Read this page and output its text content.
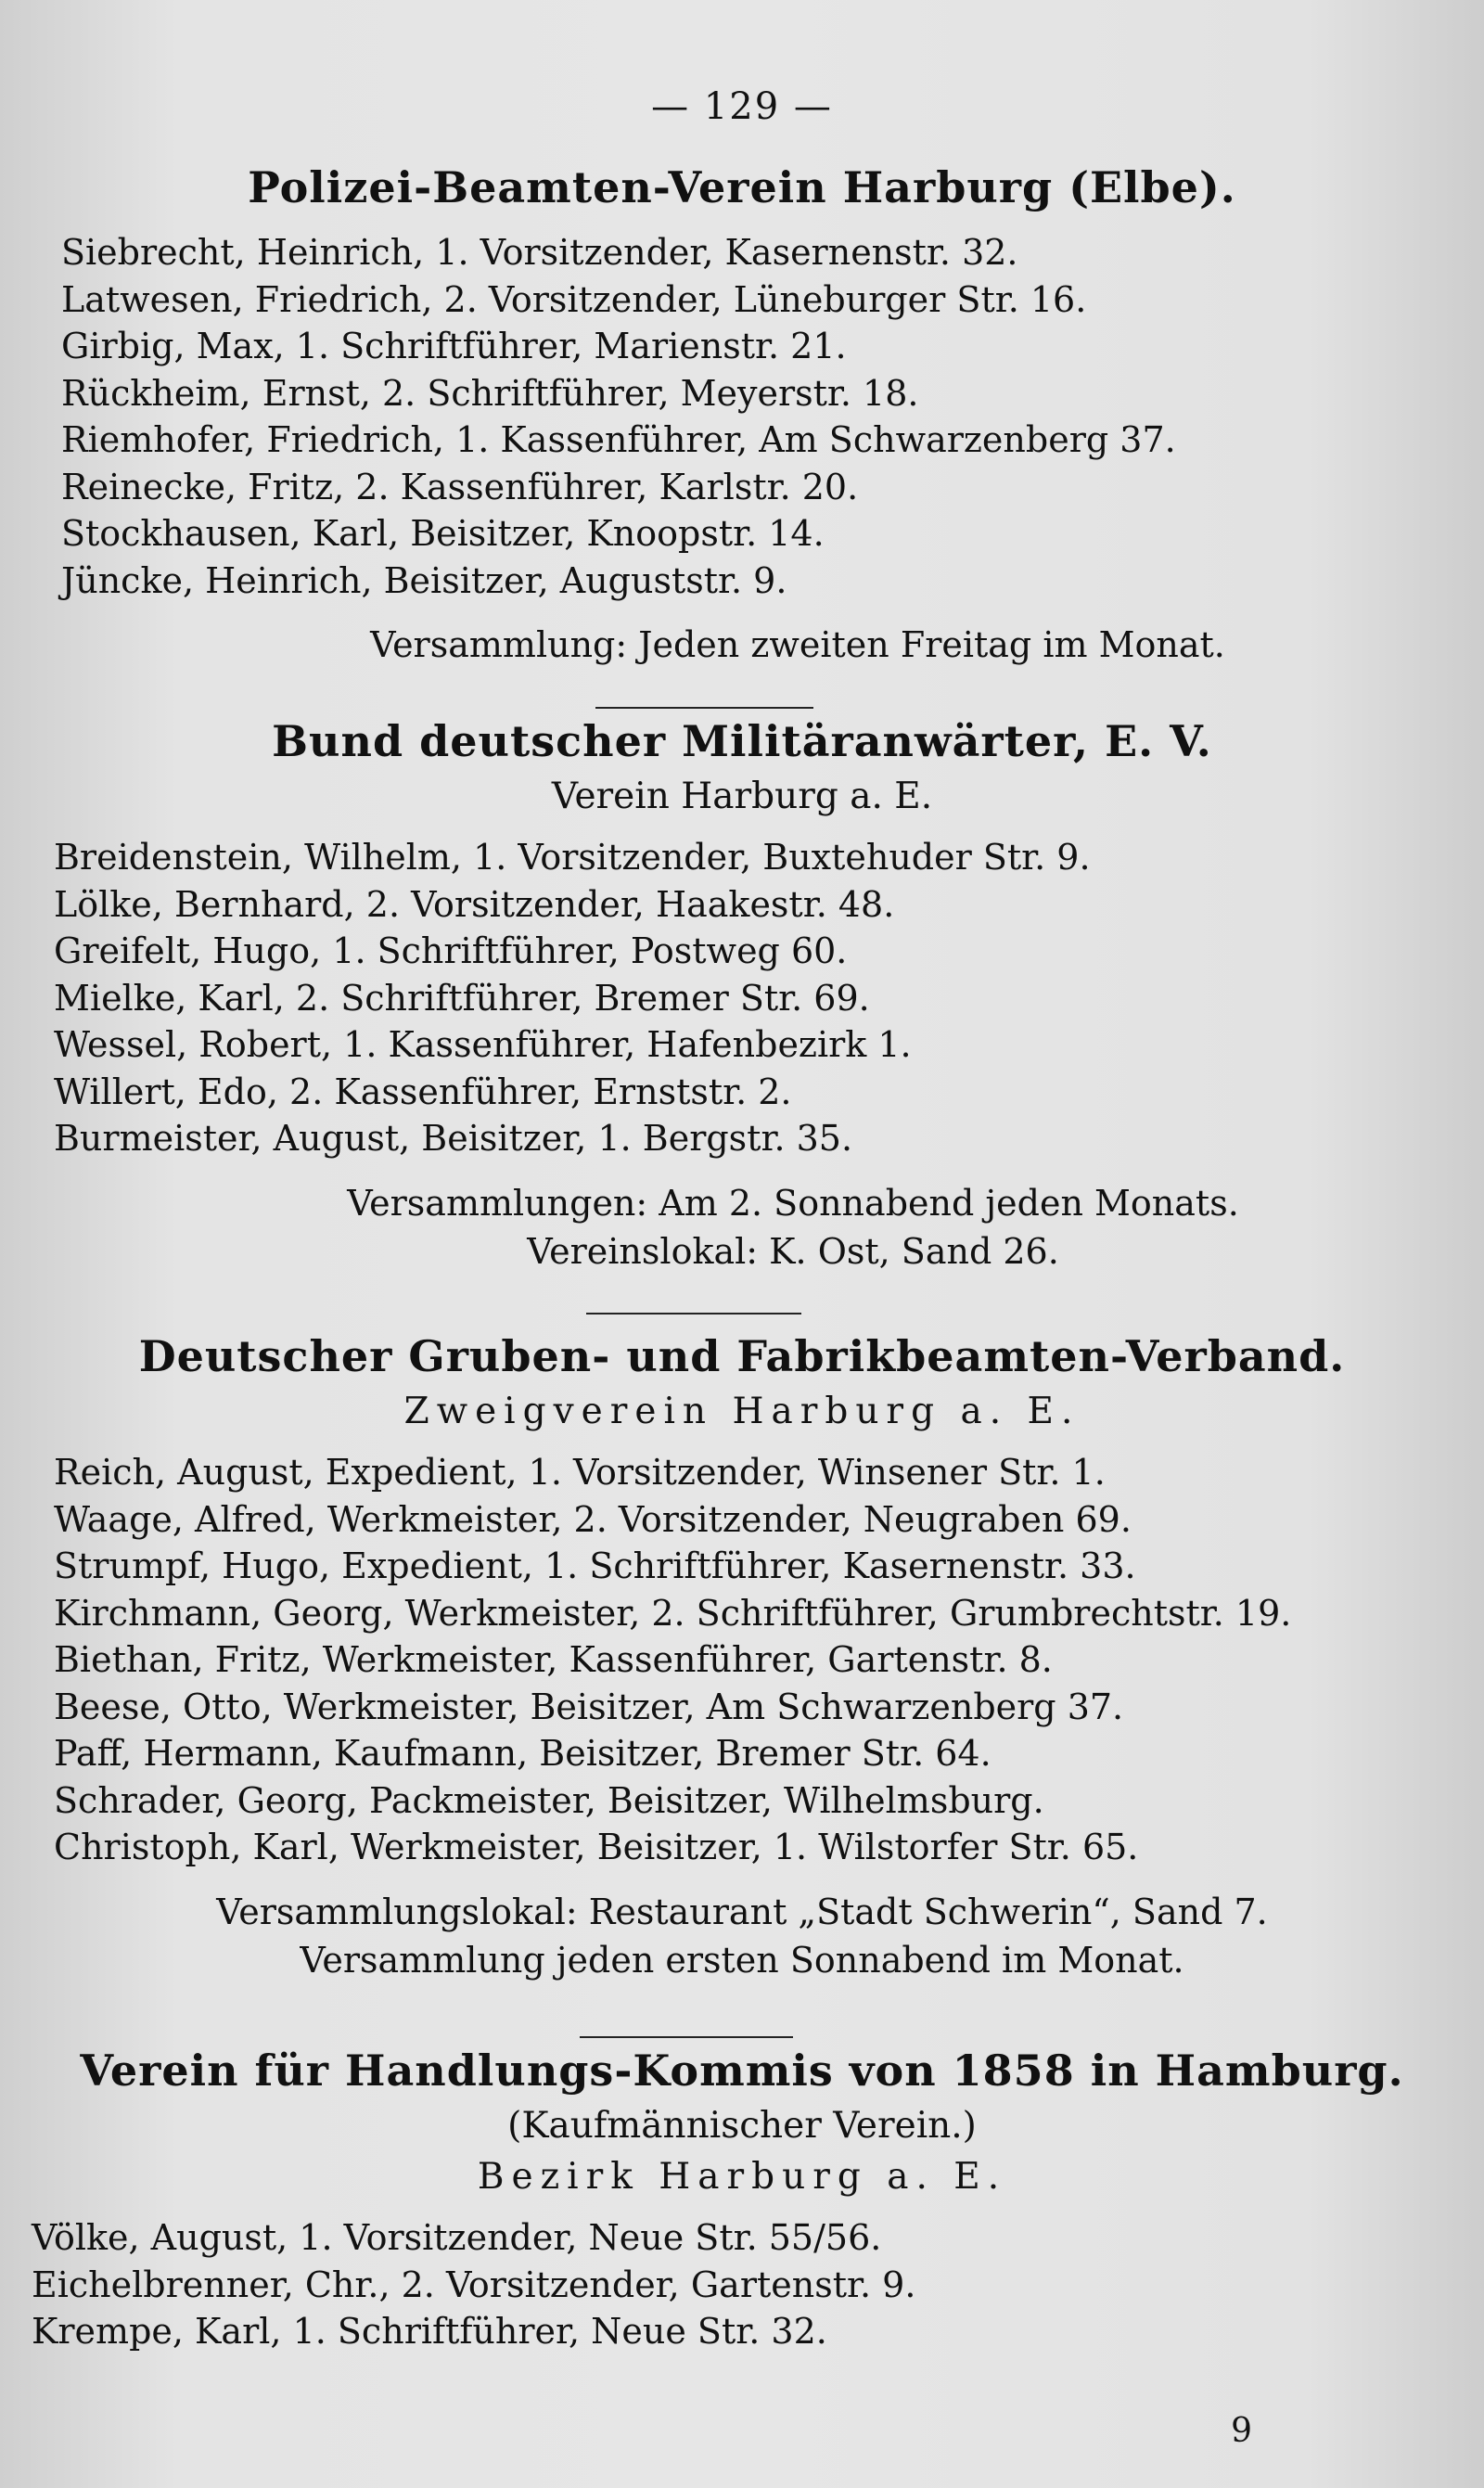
— 129 —
Polizei-Beamten-Verein Harburg (Elbe).
Siebrecht, Heinrich, 1. Vorsitzender, Kasernenstr. 32.
Latwesen, Friedrich, 2. Vorsitzender, Lüneburger Str. 16.
Girbig, Max, 1. Schriftführer, Marienstr. 21.
Rückheim, Ernst, 2. Schriftführer, Meyerstr. 18.
Riemhofer, Friedrich, 1. Kassenführer, Am Schwarzenberg 37.
Reinecke, Fritz, 2. Kassenführer, Karlstr. 20.
Stockhausen, Karl, Beisitzer, Knoopstr. 14.
Jüncke, Heinrich, Beisitzer, Auguststr. 9.
Versammlung: Jeden zweiten Freitag im Monat.
Bund deutscher Militäranwärter, E. V.
Verein Harburg a. E.
Breidenstein, Wilhelm, 1. Vorsitzender, Buxtehuder Str. 9.
Lölke, Bernhard, 2. Vorsitzender, Haakestr. 48.
Greifelt, Hugo, 1. Schriftführer, Postweg 60.
Mielke, Karl, 2. Schriftführer, Bremer Str. 69.
Wessel, Robert, 1. Kassenführer, Hafenbezirk 1.
Willert, Edo, 2. Kassenführer, Ernststr. 2.
Burmeister, August, Beisitzer, 1. Bergstr. 35.
Versammlungen: Am 2. Sonnabend jeden Monats.
Vereinslokal: K. Ost, Sand 26.
Deutscher Gruben- und Fabrikbeamten-Verband.
Zweigverein Harburg a. E.
Reich, August, Expedient, 1. Vorsitzender, Winsener Str. 1.
Waage, Alfred, Werkmeister, 2. Vorsitzender, Neugraben 69.
Strumpf, Hugo, Expedient, 1. Schriftführer, Kasernenstr. 33.
Kirchmann, Georg, Werkmeister, 2. Schriftführer, Grumbrechtstr. 19.
Biethan, Fritz, Werkmeister, Kassenführer, Gartenstr. 8.
Beese, Otto, Werkmeister, Beisitzer, Am Schwarzenberg 37.
Paff, Hermann, Kaufmann, Beisitzer, Bremer Str. 64.
Schrader, Georg, Packmeister, Beisitzer, Wilhelmsburg.
Christoph, Karl, Werkmeister, Beisitzer, 1. Wilstorfer Str. 65.
Versammlungslokal: Restaurant „Stadt Schwerin“, Sand 7.
Versammlung jeden ersten Sonnabend im Monat.
Verein für Handlungs-Kommis von 1858 in Hamburg.
(Kaufmännischer Verein.)
Bezirk Harburg a. E.
Völke, August, 1. Vorsitzender, Neue Str. 55/56.
Eichelbrenner, Chr., 2. Vorsitzender, Gartenstr. 9.
Krempe, Karl, 1. Schriftführer, Neue Str. 32.
9
